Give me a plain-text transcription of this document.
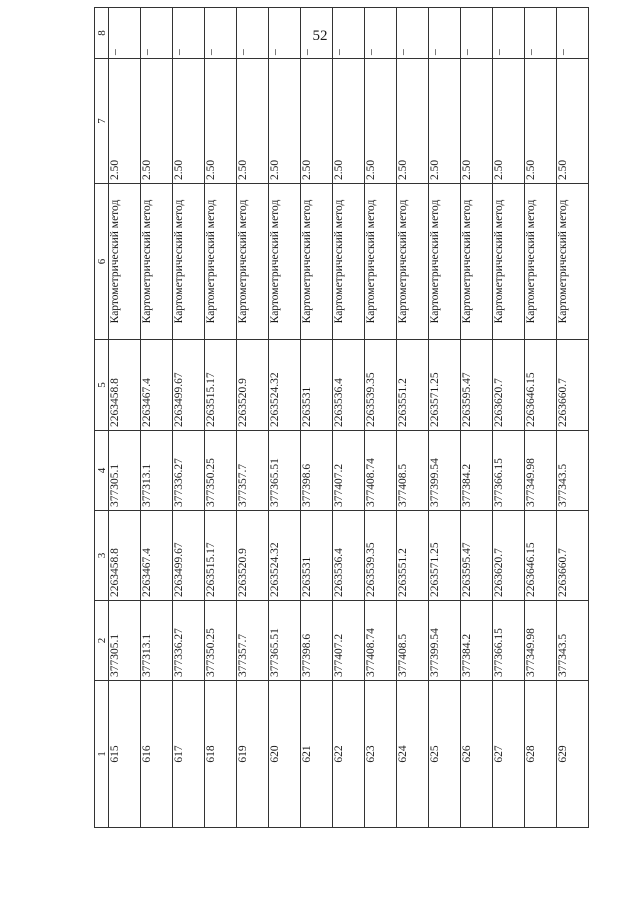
52
1	2	3	4	5	6	7	8
615	377305.1	2263458.8	377305.1	2263458.8	Картометрический метод	2.50	–
616	377313.1	2263467.4	377313.1	2263467.4	Картометрический метод	2.50	–
617	377336.27	2263499.67	377336.27	2263499.67	Картометрический метод	2.50	–
618	377350.25	2263515.17	377350.25	2263515.17	Картометрический метод	2.50	–
619	377357.7	2263520.9	377357.7	2263520.9	Картометрический метод	2.50	–
620	377365.51	2263524.32	377365.51	2263524.32	Картометрический метод	2.50	–
621	377398.6	2263531	377398.6	2263531	Картометрический метод	2.50	–
622	377407.2	2263536.4	377407.2	2263536.4	Картометрический метод	2.50	–
623	377408.74	2263539.35	377408.74	2263539.35	Картометрический метод	2.50	–
624	377408.5	2263551.2	377408.5	2263551.2	Картометрический метод	2.50	–
625	377399.54	2263571.25	377399.54	2263571.25	Картометрический метод	2.50	–
626	377384.2	2263595.47	377384.2	2263595.47	Картометрический метод	2.50	–
627	377366.15	2263620.7	377366.15	2263620.7	Картометрический метод	2.50	–
628	377349.98	2263646.15	377349.98	2263646.15	Картометрический метод	2.50	–
629	377343.5	2263660.7	377343.5	2263660.7	Картометрический метод	2.50	–
